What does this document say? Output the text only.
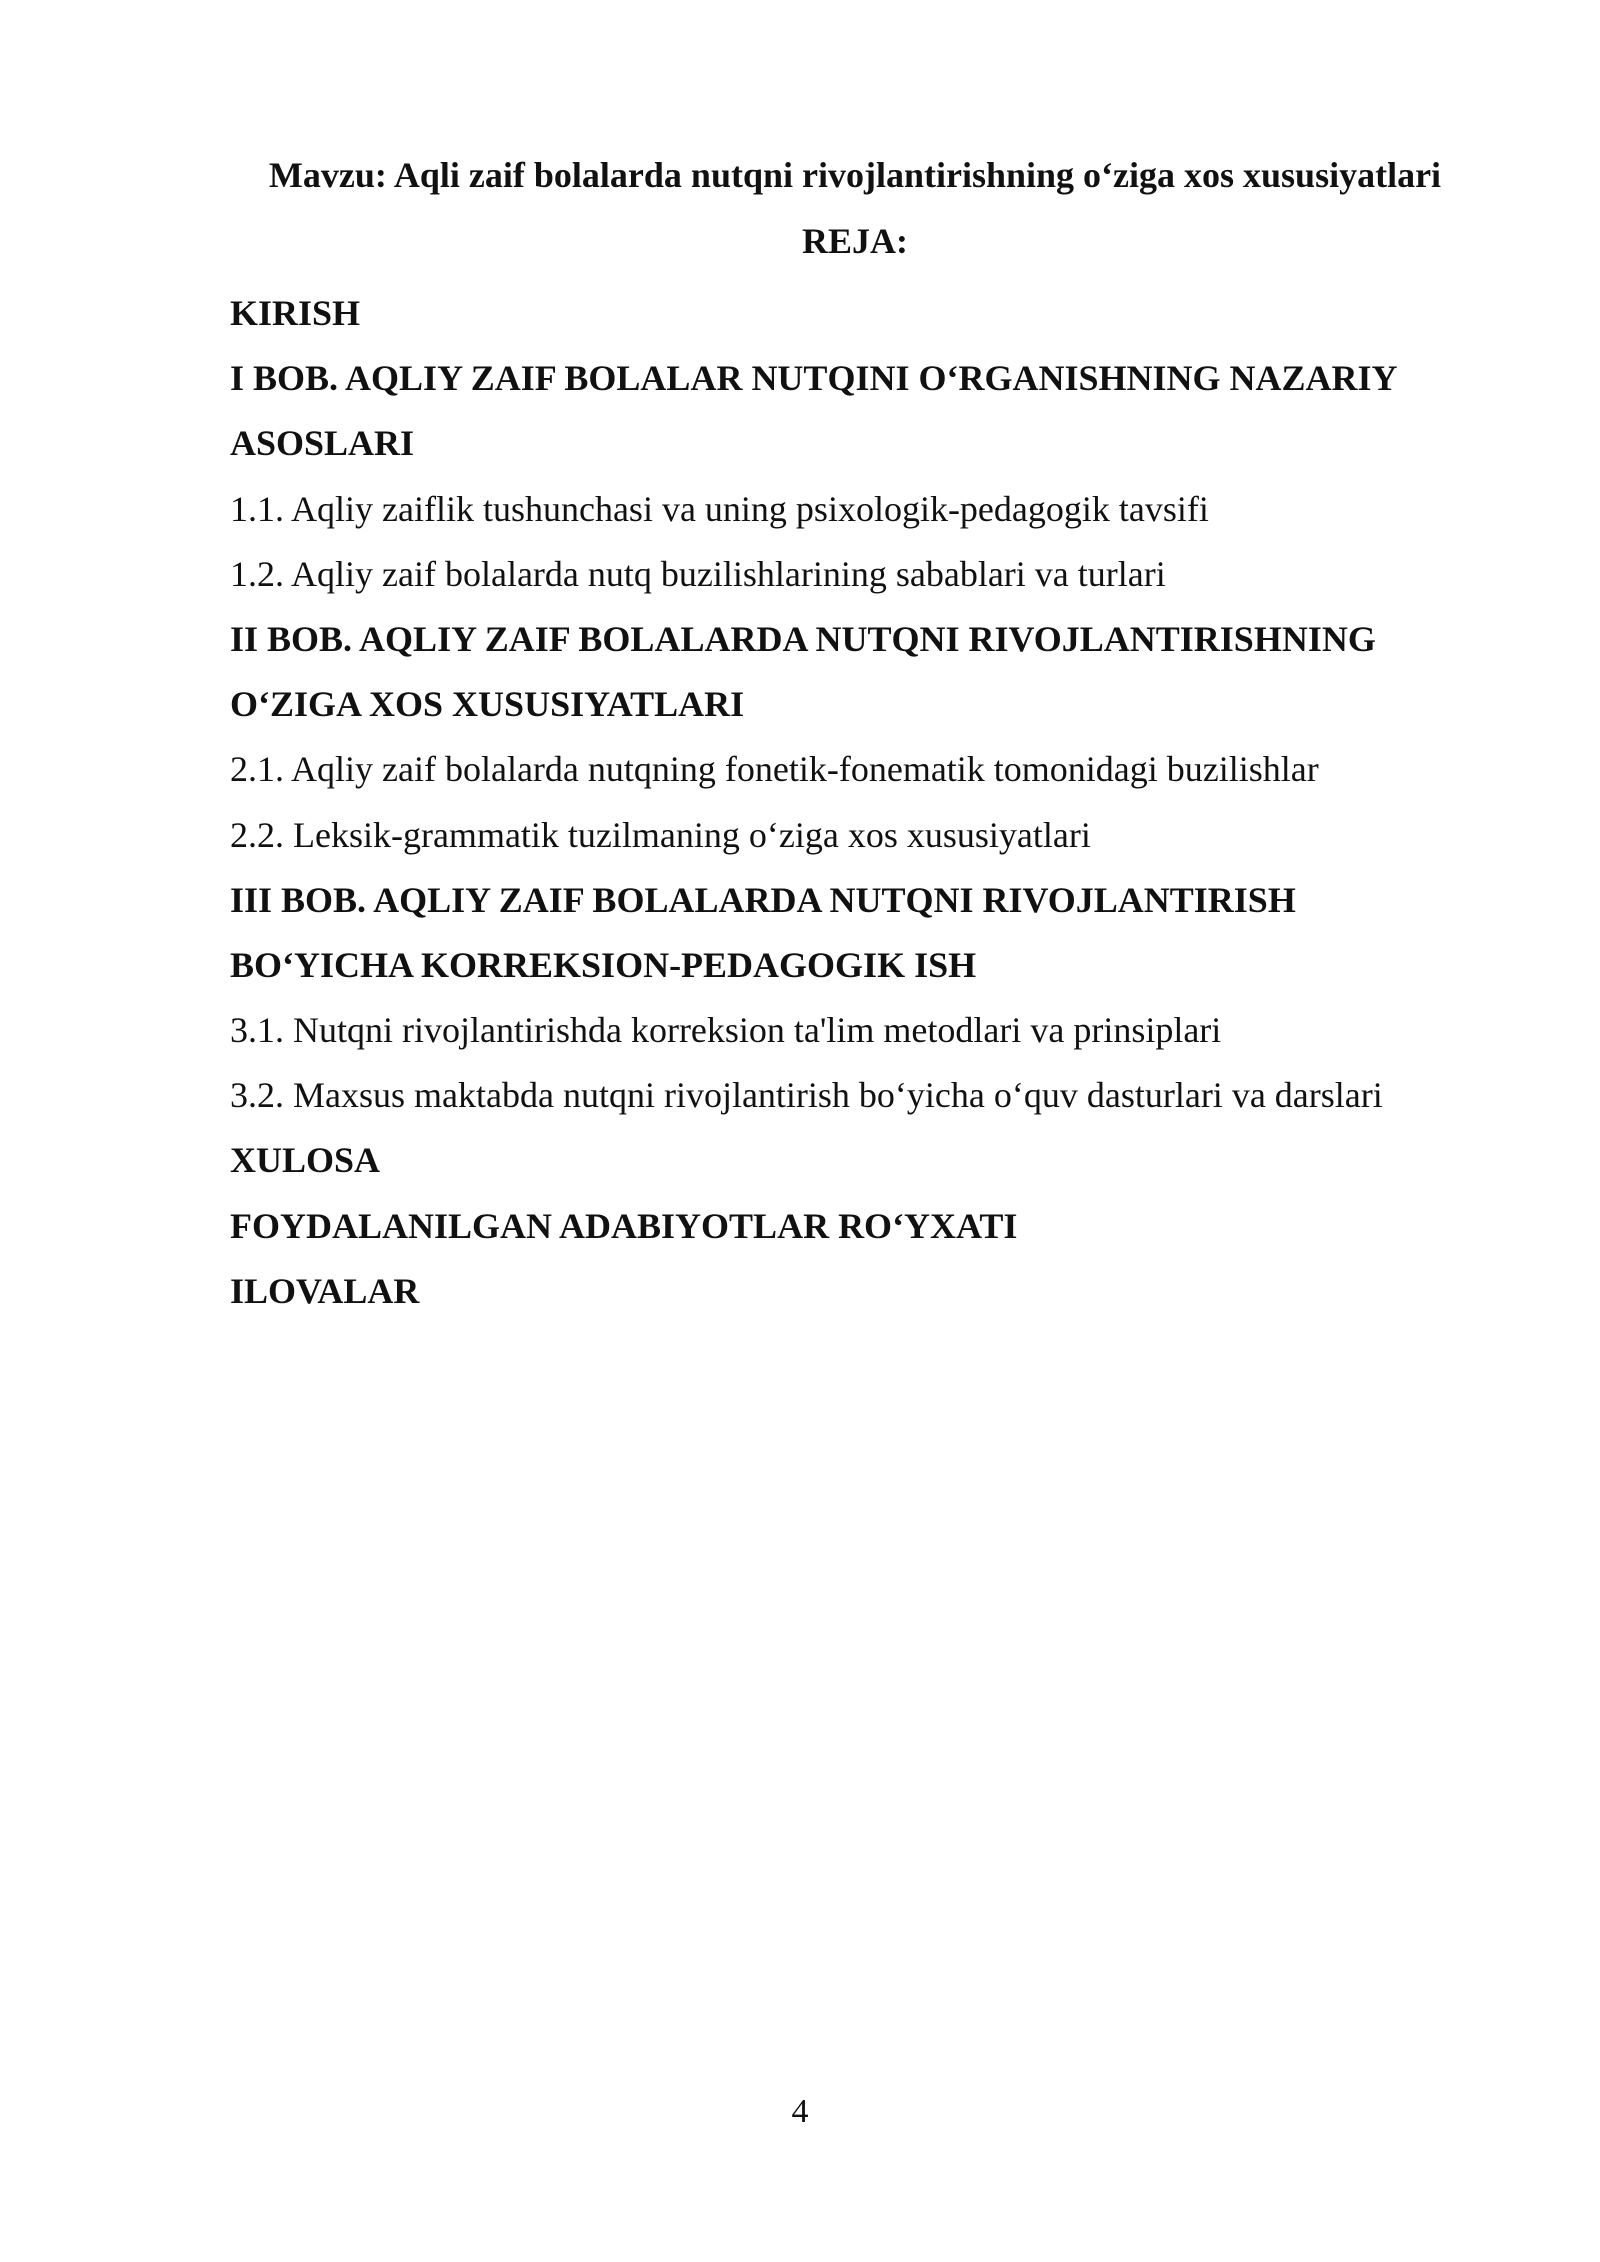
Mavzu: Aqli zaif bolalarda nutqni rivojlantirishning o‘ziga xos xususiyatlari
REJA:
KIRISH
I BOB. AQLIY ZAIF BOLALAR NUTQINI O‘RGANISHNING NAZARIY
ASOSLARI
1.1. Aqliy zaiflik tushunchasi va uning psixologik-pedagogik tavsifi
1.2. Aqliy zaif bolalarda nutq buzilishlarining sabablari va turlari
II BOB. AQLIY ZAIF BOLALARDA NUTQNI RIVOJLANTIRISHNING
O‘ZIGA XOS XUSUSIYATLARI
2.1. Aqliy zaif bolalarda nutqning fonetik-fonematik tomonidagi buzilishlar
2.2. Leksik-grammatik tuzilmaning o‘ziga xos xususiyatlari
III BOB. AQLIY ZAIF BOLALARDA NUTQNI RIVOJLANTIRISH
BO‘YICHA KORREKSION-PEDAGOGIK ISH
3.1. Nutqni rivojlantirishda korreksion ta'lim metodlari va prinsiplari
3.2. Maxsus maktabda nutqni rivojlantirish bo‘yicha o‘quv dasturlari va darslari
XULOSA
FOYDALANILGAN ADABIYOTLAR RO‘YXATI
ILOVALAR
4
